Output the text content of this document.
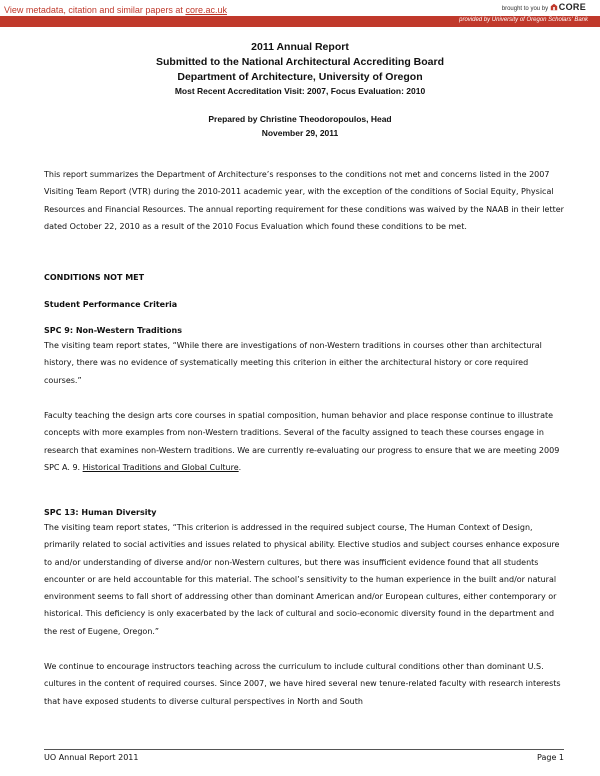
View metadata, citation and similar papers at core.ac.uk	brought to you by CORE
provided by University of Oregon Scholars' Bank
2011 Annual Report
Submitted to the National Architectural Accrediting Board
Department of Architecture, University of Oregon
Most Recent Accreditation Visit: 2007, Focus Evaluation: 2010
Prepared by Christine Theodoropoulos, Head
November 29, 2011
This report summarizes the Department of Architecture’s responses to the conditions not met and concerns listed in the 2007 Visiting Team Report (VTR) during the 2010-2011 academic year, with the exception of the conditions of Social Equity, Physical Resources and Financial Resources. The annual reporting requirement for these conditions was waived by the NAAB in their letter dated October 22, 2010 as a result of the 2010 Focus Evaluation which found these conditions to be met.
CONDITIONS NOT MET
Student Performance Criteria
SPC 9: Non-Western Traditions
The visiting team report states, “While there are investigations of non-Western traditions in courses other than architectural history, there was no evidence of systematically meeting this criterion in either the architectural history or core required courses.”
Faculty teaching the design arts core courses in spatial composition, human behavior and place response continue to illustrate concepts with more examples from non-Western traditions. Several of the faculty assigned to teach these courses engage in research that examines non-Western traditions. We are currently re-evaluating our progress to ensure that we are meeting 2009 SPC A. 9. Historical Traditions and Global Culture.
SPC 13: Human Diversity
The visiting team report states, “This criterion is addressed in the required subject course, The Human Context of Design, primarily related to social activities and issues related to physical ability. Elective studios and subject courses enhance exposure to and/or understanding of diverse and/or non-Western cultures, but there was insufficient evidence found that all students encounter or are held accountable for this material. The school’s sensitivity to the human experience in the built and/or natural environment seems to fall short of addressing other than dominant American and/or European cultures, either contemporary or historical. This deficiency is only exacerbated by the lack of cultural and socio-economic diversity found in the department and the rest of Eugene, Oregon.”
We continue to encourage instructors teaching across the curriculum to include cultural conditions other than dominant U.S. cultures in the content of required courses. Since 2007, we have hired several new tenure-related faculty with research interests that have exposed students to diverse cultural perspectives in North and South
UO Annual Report 2011	Page 1
